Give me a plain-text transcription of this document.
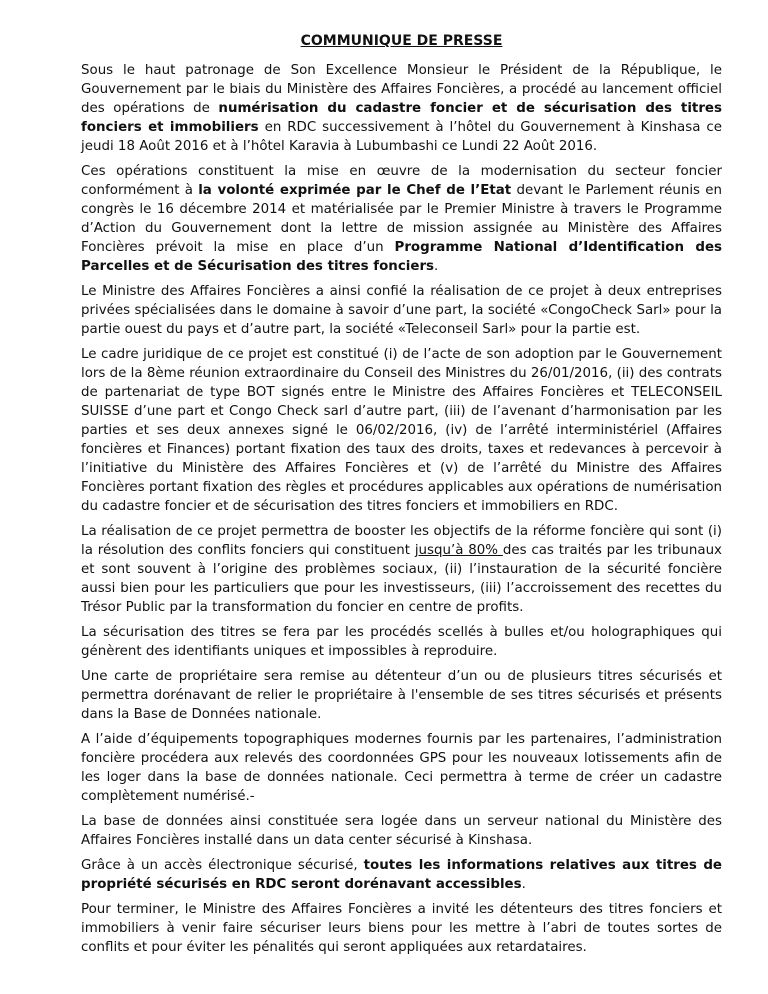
COMMUNIQUE DE PRESSE

Sous le haut patronage de Son Excellence Monsieur le Président de la République, le Gouvernement par le biais du Ministère des Affaires Foncières, a procédé au lancement officiel des opérations de numérisation du cadastre foncier et de sécurisation des titres fonciers et immobiliers en RDC successivement à l’hôtel du Gouvernement à Kinshasa ce jeudi 18 Août 2016 et à l’hôtel Karavia à Lubumbashi ce Lundi 22 Août 2016.

Ces opérations constituent la mise en œuvre de la modernisation du secteur foncier conformément à la volonté exprimée par le Chef de l’Etat devant le Parlement réunis en congrès le 16 décembre 2014 et matérialisée par le Premier Ministre à travers le Programme d’Action du Gouvernement dont la lettre de mission assignée au Ministère des Affaires Foncières prévoit la mise en place d’un Programme National d’Identification des Parcelles et de Sécurisation des titres fonciers.

Le Ministre des Affaires Foncières a ainsi confié la réalisation de ce projet à deux entreprises privées spécialisées dans le domaine à savoir d’une part, la société «CongoCheck Sarl» pour la partie ouest du pays et d’autre part, la société «Teleconseil Sarl» pour la partie est.

Le cadre juridique de ce projet est constitué (i) de l’acte de son adoption par le Gouvernement lors de la 8ème réunion extraordinaire du Conseil des Ministres du 26/01/2016, (ii) des contrats de partenariat de type BOT signés entre le Ministre des Affaires Foncières et TELECONSEIL SUISSE d’une part et Congo Check sarl d’autre part, (iii) de l’avenant d’harmonisation par les parties et ses deux annexes signé le 06/02/2016, (iv) de l’arrêté interministériel (Affaires foncières et Finances) portant fixation des taux des droits, taxes et redevances à percevoir à l’initiative du Ministère des Affaires Foncières et (v) de l’arrêté du Ministre des Affaires Foncières portant fixation des règles et procédures applicables aux opérations de numérisation du cadastre foncier et de sécurisation des titres fonciers et immobiliers en RDC.

La réalisation de ce projet permettra de booster les objectifs de la réforme foncière qui sont (i) la résolution des conflits fonciers qui constituent jusqu’à 80% des cas traités par les tribunaux et sont souvent à l’origine des problèmes sociaux, (ii) l’instauration de la sécurité foncière aussi bien pour les particuliers que pour les investisseurs, (iii) l’accroissement des recettes du Trésor Public par la transformation du foncier en centre de profits.

La sécurisation des titres se fera par les procédés scellés à bulles et/ou holographiques qui génèrent des identifiants uniques et impossibles à reproduire.

Une carte de propriétaire sera remise au détenteur d’un ou de plusieurs titres sécurisés et permettra dorénavant de relier le propriétaire à l'ensemble de ses titres sécurisés et présents dans la Base de Données nationale.

A l’aide d’équipements topographiques modernes fournis par les partenaires, l’administration foncière procédera aux relevés des coordonnées GPS pour les nouveaux lotissements afin de les loger dans la base de données nationale. Ceci permettra à terme de créer un cadastre complètement numérisé.-

La base de données ainsi constituée sera logée dans un serveur national du Ministère des Affaires Foncières installé dans un data center sécurisé à Kinshasa.

Grâce à un accès électronique sécurisé, toutes les informations relatives aux titres de propriété sécurisés en RDC seront dorénavant accessibles.

Pour terminer, le Ministre des Affaires Foncières a invité les détenteurs des titres fonciers et immobiliers à venir faire sécuriser leurs biens pour les mettre à l’abri de toutes sortes de conflits et pour éviter les pénalités qui seront appliquées aux retardataires.
